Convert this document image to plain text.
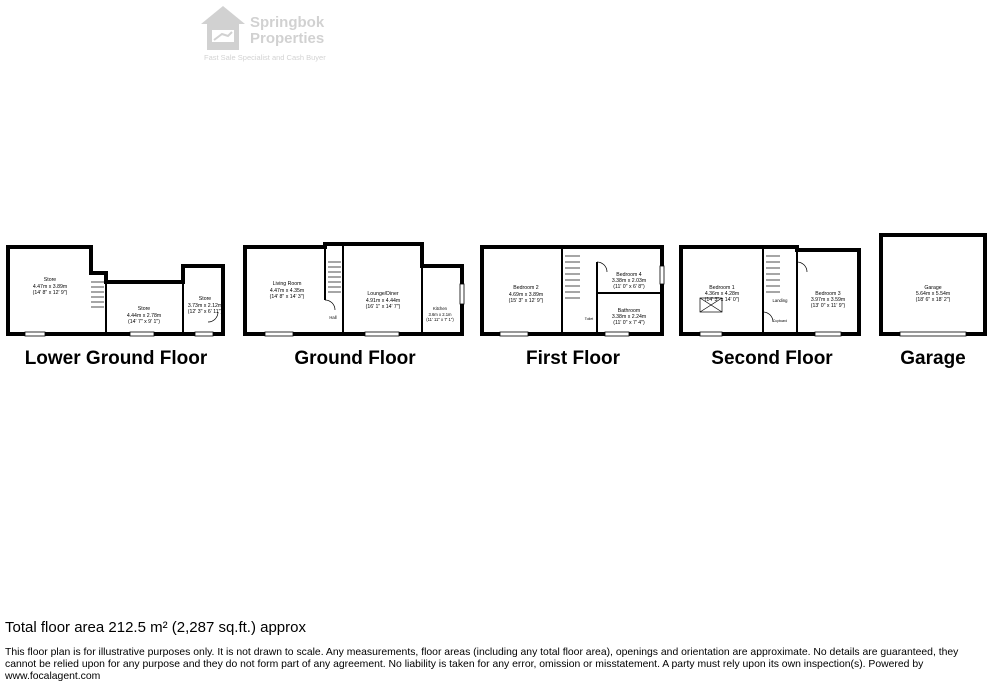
Springbok
Properties
Fast Sale Specialist and Cash Buyer
Store
4.47m x 3.89m
(14' 8" x 12' 9")
Store
4.44m x 2.78m
(14' 7" x 9' 1")
Store
3.73m x 2.12m
(12' 3" x 6' 11")
Living Room
4.47m x 4.35m
(14' 8" x 14' 3")	Lounge/Diner
4.91m x 4.44m
(16' 1" x 14' 7")	Kitchen
3.6m x 2.1m
(11' 11" x 7' 1")
Hall
Bedroom 2
4.69m x 3.89m
(15' 3" x 12' 9")
Bedroom 4
3.38m x 2.03m
(11' 0" x 6' 8")
Bathroom
3.38m x 2.24m
(11' 0" x 7' 4")
Toilet
Bedroom 1
4.36m x 4.28m
(14' 3" x 14' 0")
Bedroom 3
3.97m x 3.59m
(13' 0" x 11' 9")
Landing
Cupboard
Garage
5.64m x 5.54m
(18' 6" x 18' 2")
Lower Ground Floor	Ground Floor	First Floor	Second Floor	Garage
Total floor area 212.5 m² (2,287 sq.ft.) approx
This floor plan is for illustrative purposes only. It is not drawn to scale. Any measurements, floor areas (including any total floor area), openings and orientation are approximate. No details are guaranteed, they cannot be relied upon for any purpose and they do not form part of any agreement. No liability is taken for any error, omission or misstatement. A party must rely upon its own inspection(s). Powered by www.focalagent.com
